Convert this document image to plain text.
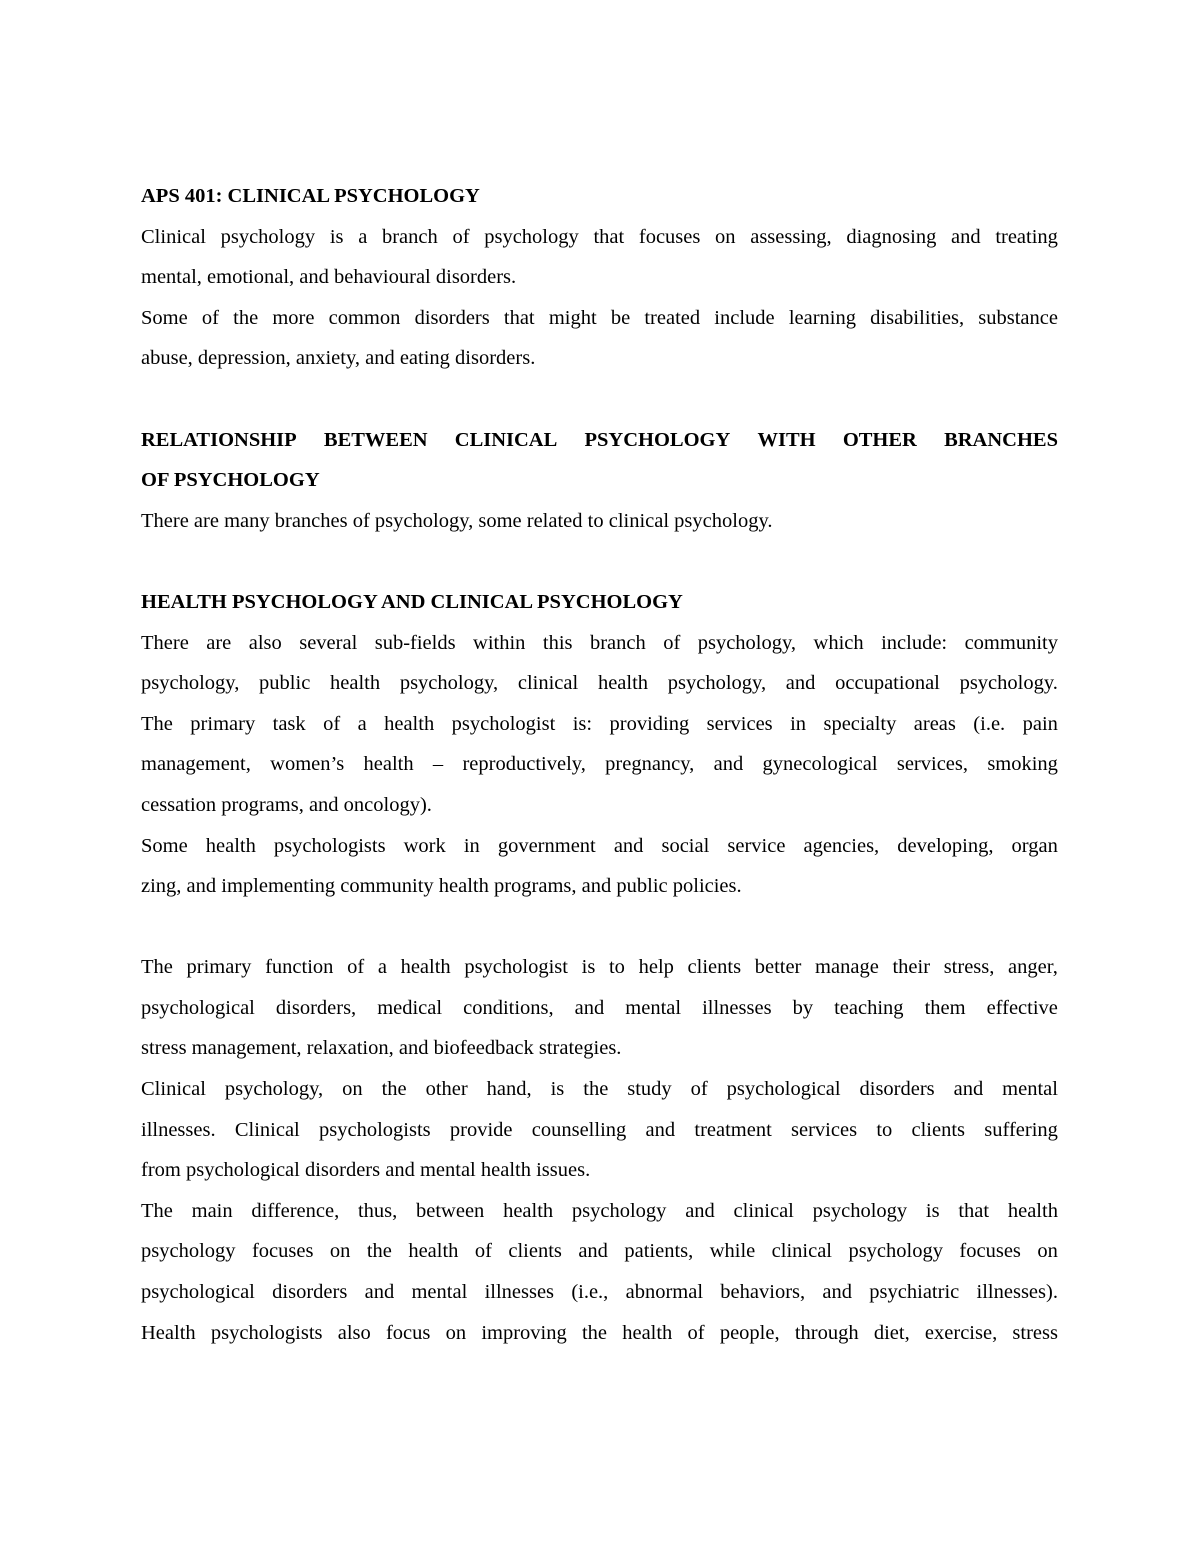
APS 401: CLINICAL PSYCHOLOGY

Clinical psychology is a branch of psychology that focuses on assessing, diagnosing and treating

mental, emotional, and behavioural disorders.

Some of the more common disorders that might be treated include learning disabilities, substance

abuse, depression, anxiety, and eating disorders.

RELATIONSHIP BETWEEN CLINICAL PSYCHOLOGY WITH OTHER BRANCHES

OF PSYCHOLOGY

There are many branches of psychology, some related to clinical psychology.

HEALTH PSYCHOLOGY AND CLINICAL PSYCHOLOGY

There are also several sub-fields within this branch of psychology, which include: community

psychology, public health psychology, clinical health psychology, and occupational psychology.

The primary task of a health psychologist is: providing services in specialty areas (i.e. pain

management, women’s health – reproductively, pregnancy, and gynecological services, smoking

cessation programs, and oncology).

Some health psychologists work in government and social service agencies, developing, organ

zing, and implementing community health programs, and public policies.

The primary function of a health psychologist is to help clients better manage their stress, anger,

psychological disorders, medical conditions, and mental illnesses by teaching them effective

stress management, relaxation, and biofeedback strategies.

Clinical psychology, on the other hand, is the study of psychological disorders and mental

illnesses. Clinical psychologists provide counselling and treatment services to clients suffering

from psychological disorders and mental health issues.

The main difference, thus, between health psychology and clinical psychology is that health

psychology focuses on the health of clients and patients, while clinical psychology focuses on

psychological disorders and mental illnesses (i.e., abnormal behaviors, and psychiatric illnesses).

Health psychologists also focus on improving the health of people, through diet, exercise, stress
